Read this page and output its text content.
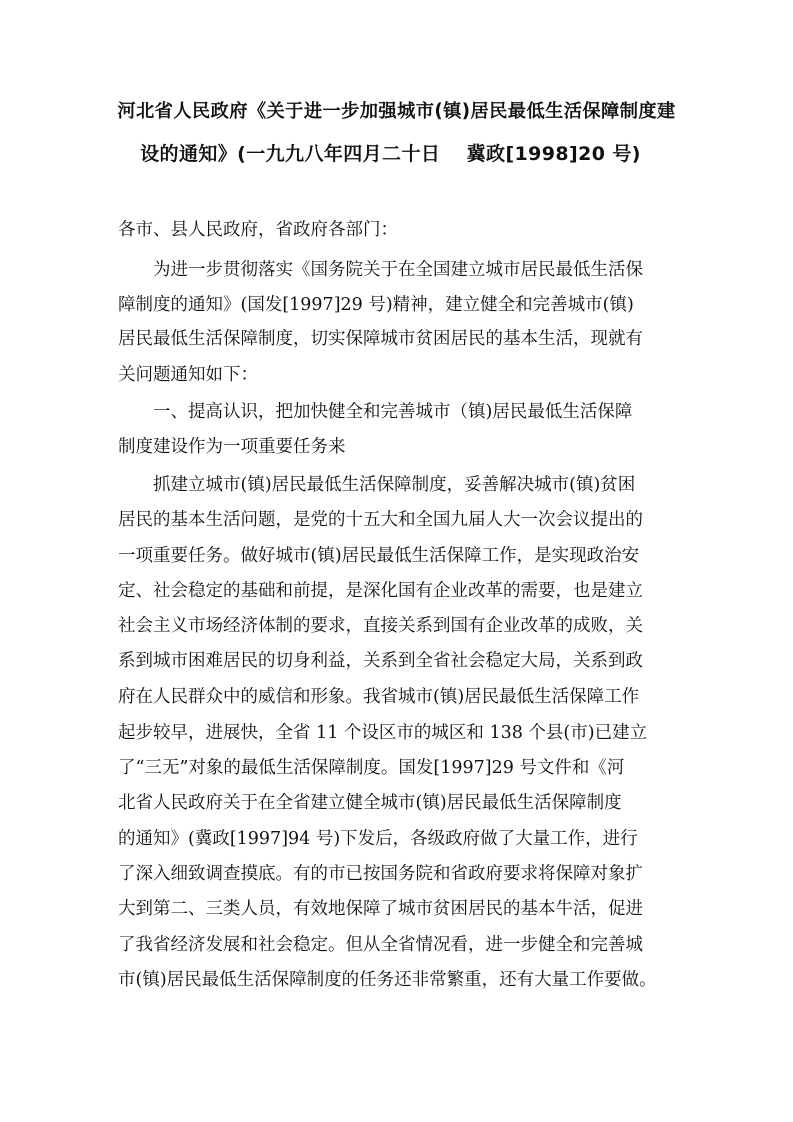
河北省人民政府《关于进一步加强城市(镇)居民最低生活保障制度建
设的通知》(一九九八年四月二十日　 冀政[1998]20 号)
各市、县人民政府，省政府各部门：
　　为进一步贯彻落实《国务院关于在全国建立城市居民最低生活保
障制度的通知》(国发[1997]29 号)精神，建立健全和完善城市(镇)
居民最低生活保障制度，切实保障城市贫困居民的基本生活，现就有
关问题通知如下：
　　一、提高认识，把加快健全和完善城市（镇)居民最低生活保障
制度建设作为一项重要任务来
　　抓建立城市(镇)居民最低生活保障制度，妥善解决城市(镇)贫困
居民的基本生活问题，是党的十五大和全国九届人大一次会议提出的
一项重要任务。做好城市(镇)居民最低生活保障工作，是实现政治安
定、社会稳定的基础和前提，是深化国有企业改革的需要，也是建立
社会主义市场经济体制的要求，直接关系到国有企业改革的成败，关
系到城市困难居民的切身利益，关系到全省社会稳定大局，关系到政
府在人民群众中的威信和形象。我省城市(镇)居民最低生活保障工作
起步较早，进展快，全省 11 个设区市的城区和 138 个县(市)已建立
了“三无”对象的最低生活保障制度。国发[1997]29 号文件和《河
北省人民政府关于在全省建立健全城市(镇)居民最低生活保障制度
的通知》(冀政[1997]94 号)下发后，各级政府做了大量工作，进行
了深入细致调查摸底。有的市已按国务院和省政府要求将保障对象扩
大到第二、三类人员，有效地保障了城市贫困居民的基本牛活，促进
了我省经济发展和社会稳定。但从全省情况看，进一步健全和完善城
市(镇)居民最低生活保障制度的任务还非常繁重，还有大量工作要做。
